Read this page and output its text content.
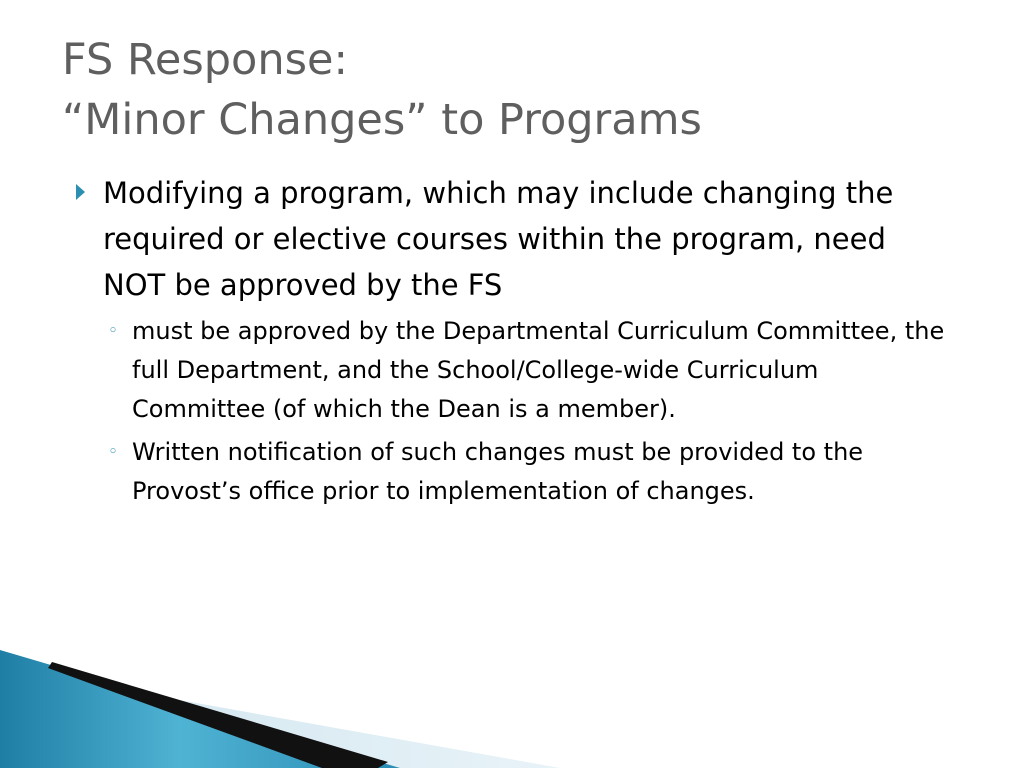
FS Response:
“Minor Changes” to Programs
Modifying a program, which may include changing the required or elective courses within the program, need NOT be approved by the FS
◦ must be approved by the Departmental Curriculum Committee, the full Department, and the School/College-wide Curriculum Committee (of which the Dean is a member).
◦ Written notification of such changes must be provided to the Provost’s office prior to implementation of changes.
